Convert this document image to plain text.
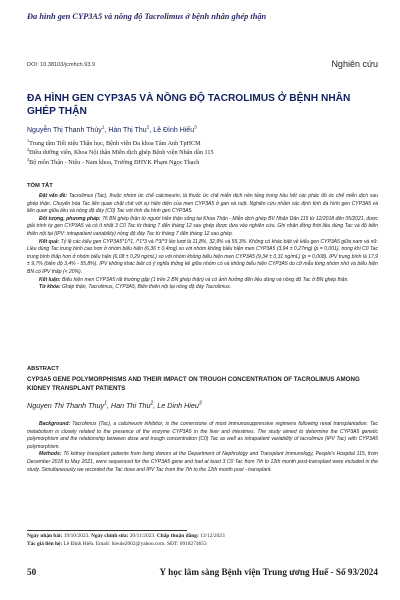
Đa hình gen CYP3A5 và nồng độ Tacrolimus ở bệnh nhân ghép thận
DOI: 10.38103/jcmhch.93.9	Nghiên cứu
ĐA HÌNH GEN CYP3A5 VÀ NỒNG ĐỘ TACROLIMUS Ở BỆNH NHÂN GHÉP THẬN
Nguyễn Thị Thanh Thúy$^1$, Hàn Thị Thu$^2$, Lê Đình Hiếu$^3$
$^1$Trung tâm Tiết niệu Thận học, Bệnh viện Đa khoa Tâm Anh TpHCM
$^2$Điều dưỡng viên, Khoa Nội thận Miễn dịch ghép Bệnh viện Nhân dân 115
$^3$Bộ môn Thận - Niệu - Nam khoa, Trường ĐHYK Phạm Ngọc Thạch
TÓM TẮT

Đặt vấn đề: Tacrolimus (Tac), thuộc nhóm ức chế calcineurin, là thuốc ức chế miễn dịch nền tảng trong hầu hết các phác đồ ức chế miễn dịch sau ghép thận. Chuyển hóa Tac liên quan chặt chẽ với sự hiện diện của men CYP3A5 ở gan và ruột. Nghiên cứu nhằm xác định tính đa hình gen CYP3A5 và liên quan giữa liều và nồng độ đáy (C0) Tac với tính đa hình gen CYP3A5.

Đối tượng, phương pháp: 76 BN ghép thận từ người hiến thận sống tại Khoa Thận - Miễn dịch ghép BV Nhân Dân 115 từ 12/2018 đến 05/2021, được giải trình tự gen CYP3A5 và có ít nhất 3 C0 Tac từ tháng 7 đến tháng 12 sau ghép được đưa vào nghiên cứu. Ghi nhận đồng thời liều dùng Tac và độ biến thiên nội tại (IPV: intrapatient variability) nồng độ đáy Tac từ tháng 7 đến tháng 12 sau ghép.

Kết quả: Tỷ lệ các kiểu gen CYP3A5*1/*1, /*1*3 và /*3/*3 lần lượt là 11,8%, 32,9% và 55,3%. Không có khác biệt về kiểu gen CYP3A5 giữa nam và nữ. Liều dùng Tac trung bình cao hơn ở nhóm biểu hiện (6,36 ± 0,4mg) so với nhóm không biểu hiện men CYP3A5 (3,94 ± 0,27mg) (p = 0,001), trong khi C0 Tac trung bình thấp hơn ở nhóm biểu hiện (6,08 ± 0,29 ng/mL) so với nhóm không biểu hiện men CYP3A5 (9,34 ± 0,31 ng/mL) (p = 0,008). IPV trung bình là 17,9 ± 9,7% (biên độ 3,4% - 55,8%). IPV không khác biệt có ý nghĩa thống kê giữa nhóm có và không biểu hiện CYP3A5 do cỡ mẫu từng nhóm nhỏ và biểu hiện BN có IPV thấp (< 20%).

Kết luận: Biểu hiện men CYP3A5 rất thường gặp (1 trên 2 BN ghép thận) và có ảnh hưởng đến liều dùng và nồng độ Tac ở BN ghép thận.

Từ khóa: Ghép thận, Tacrolimus, CYP3A5, Biến thiên nội tại nồng độ đáy Tacrolimus.

ABSTRACT
CYP3A5 GENE POLYMORPHISMS AND THEIR IMPACT ON TROUGH CONCENTRATION OF TACROLIMUS AMONG KIDNEY TRANSPLANT PATIENTS
Nguyen Thi Thanh Thuy$^1$, Han Thi Thu$^2$, Le Dinh Hieu$^3$

Background: Tacrolimus (Tac), a calcineurin inhibitor, is the cornerstone of most immunosuppressive regimens following renal transplantation. Tac metabolism is closely related to the presence of the enzyme CYP3A5 in the liver and intestines. The study aimed to determine the CYP3A5 genetic polymorphism and the relationship between dose and trough concentration (C0) Tac as well as intrapatient variability of tacrolimus (IPV Tac) with CYP3A5 polymorphism.

Methods: 76 kidney transplant patients from living donors at the Department of Nephrology and Transplant Immunology, People's Hospital 115, from December 2018 to May 2021, were sequenced for the CYP3A5 gene and had at least 3 C0 Tac from 7th to 12th month post-transplant were included in the study. Simultaneously we recorded the Tac dose and IPV Tac from the 7th to the 12th month post - transplant.

Ngày nhận bài: 19/10/2023. Ngày chỉnh sửa: 20/11/2023. Chấp thuận đăng: 13/12/2023
Tác giả liên hệ: Lê Đình Hiếu. Email: hieule2002@yahoo.com. SĐT: 0918274653
50	Y học lâm sàng Bệnh viện Trung ương Huế - Số 93/2024
